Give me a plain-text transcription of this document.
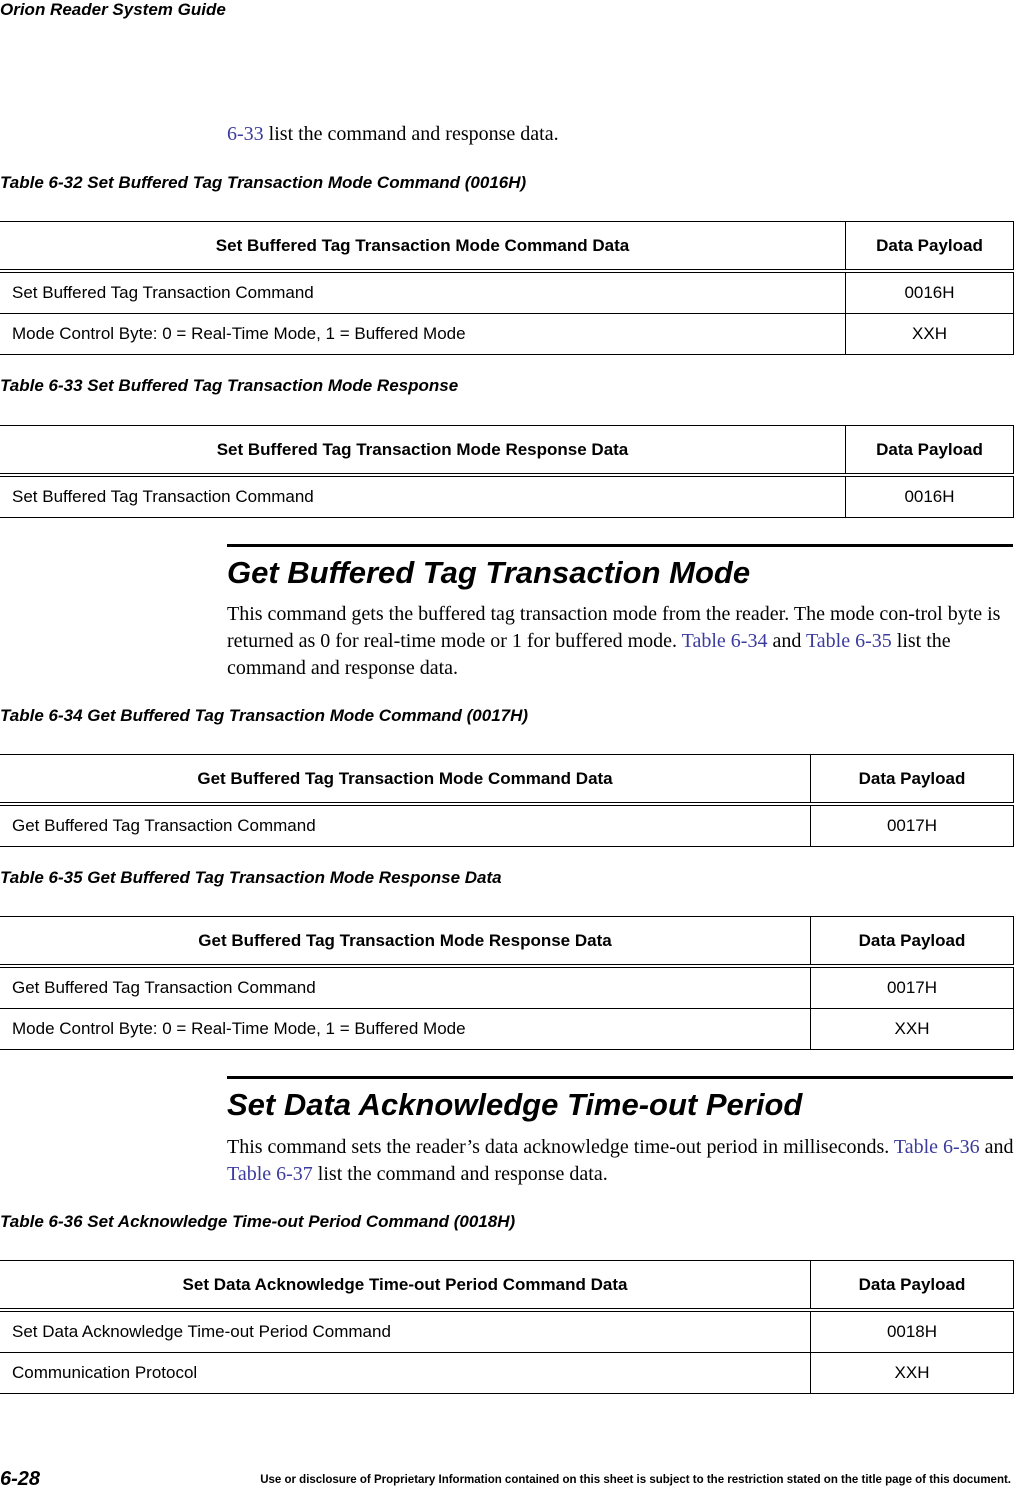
Orion Reader System Guide
6-33 list the command and response data.
Table 6-32 Set Buffered Tag Transaction Mode Command (0016H)
Set Buffered Tag Transaction Mode Command Data	Data Payload
Set Buffered Tag Transaction Command	0016H
Mode Control Byte: 0 = Real-Time Mode, 1 = Buffered Mode	XXH
Table 6-33 Set Buffered Tag Transaction Mode Response
Set Buffered Tag Transaction Mode Response Data	Data Payload
Set Buffered Tag Transaction Command	0016H
Get Buffered Tag Transaction Mode
This command gets the buffered tag transaction mode from the reader. The mode con-trol byte is returned as 0 for real-time mode or 1 for buffered mode. Table 6-34 and Table 6-35 list the command and response data.
Table 6-34 Get Buffered Tag Transaction Mode Command (0017H)
Get Buffered Tag Transaction Mode Command Data	Data Payload
Get Buffered Tag Transaction Command	0017H
Table 6-35 Get Buffered Tag Transaction Mode Response Data
Get Buffered Tag Transaction Mode Response Data	Data Payload
Get Buffered Tag Transaction Command	0017H
Mode Control Byte: 0 = Real-Time Mode, 1 = Buffered Mode	XXH
Set Data Acknowledge Time-out Period
This command sets the reader’s data acknowledge time-out period in milliseconds. Table 6-36 and Table 6-37 list the command and response data.
Table 6-36 Set Acknowledge Time-out Period Command (0018H)
Set Data Acknowledge Time-out Period Command Data	Data Payload
Set Data Acknowledge Time-out Period Command	0018H
Communication Protocol	XXH
6-28	Use or disclosure of Proprietary Information contained on this sheet is subject to the restriction stated on the title page of this document.
